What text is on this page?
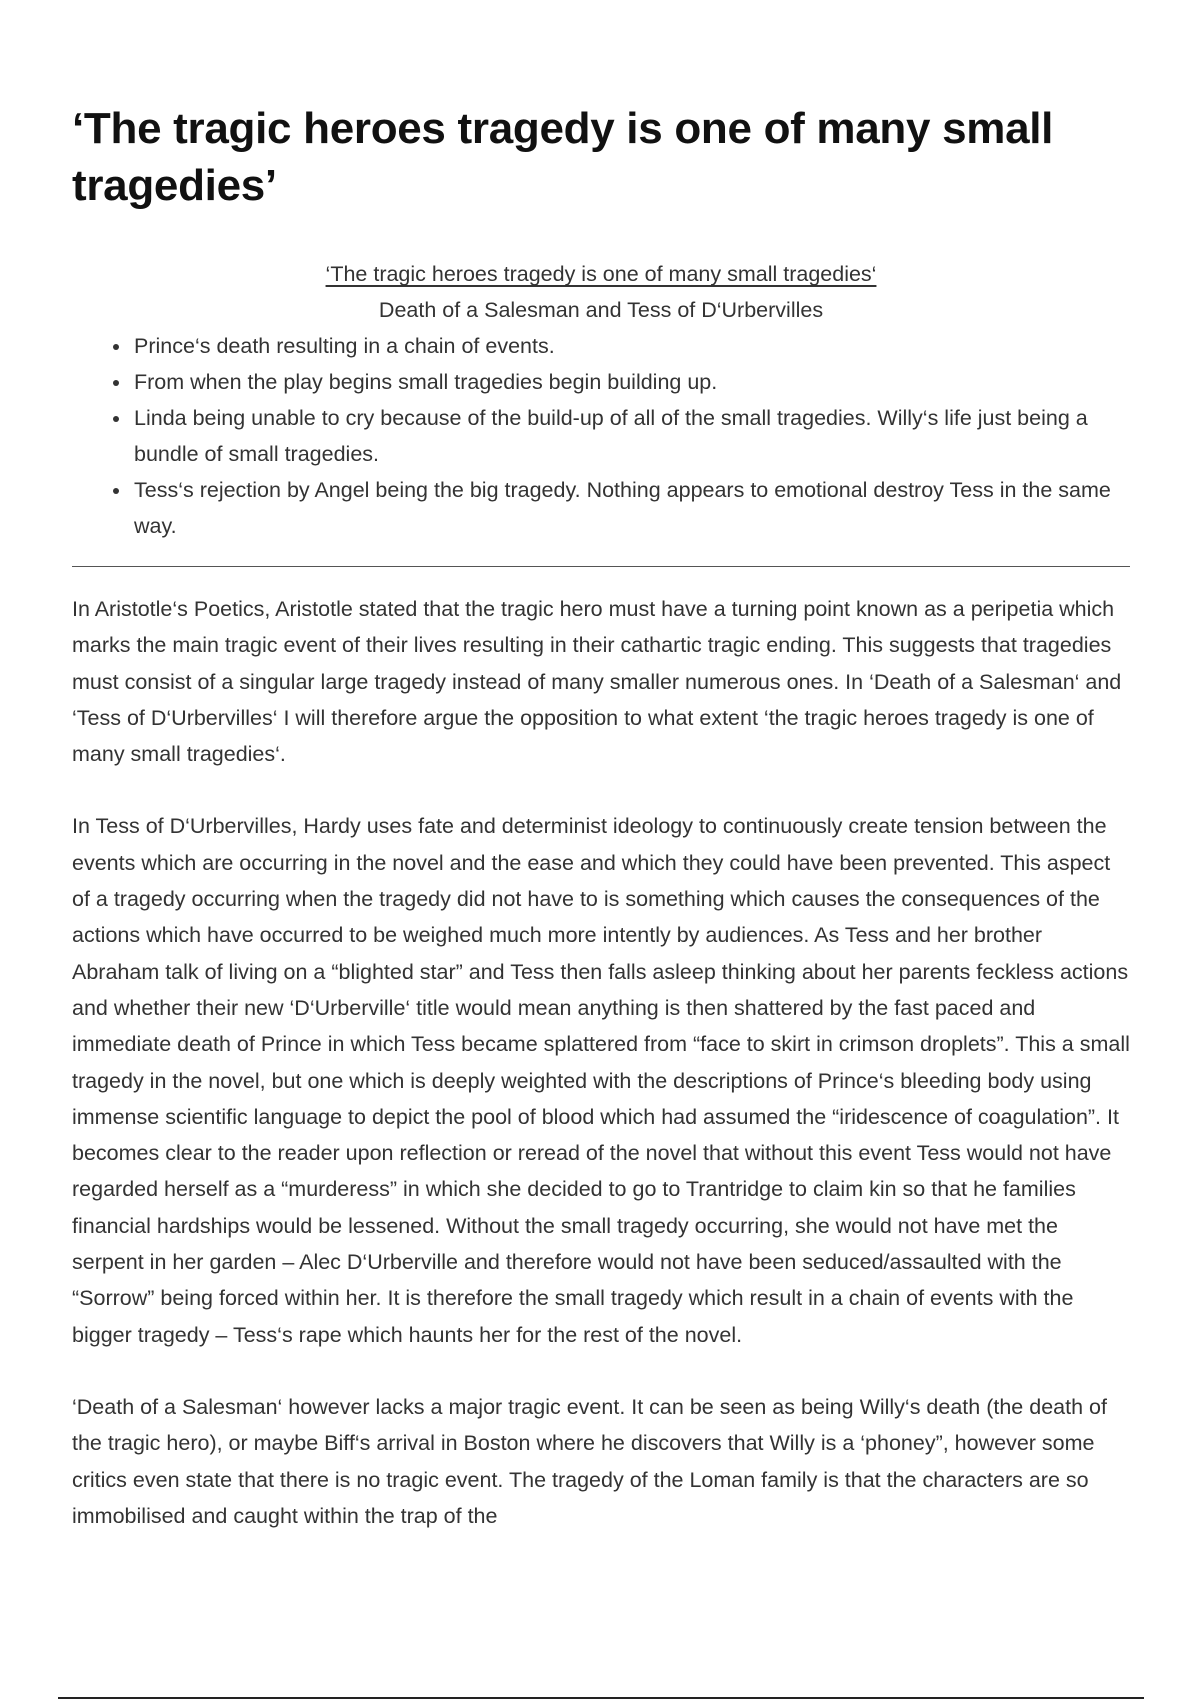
‘The tragic heroes tragedy is one of many small tragedies’
‘The tragic heroes tragedy is one of many small tragedies‘
Death of a Salesman and Tess of D‘Urbervilles
• Prince‘s death resulting in a chain of events.
• From when the play begins small tragedies begin building up.
• Linda being unable to cry because of the build-up of all of the small tragedies. Willy‘s life just being a bundle of small tragedies.
• Tess‘s rejection by Angel being the big tragedy. Nothing appears to emotional destroy Tess in the same way.

In Aristotle‘s Poetics, Aristotle stated that the tragic hero must have a turning point known as a peripetia which marks the main tragic event of their lives resulting in their cathartic tragic ending. This suggests that tragedies must consist of a singular large tragedy instead of many smaller numerous ones. In ‘Death of a Salesman‘ and ‘Tess of D‘Urbervilles‘ I will therefore argue the opposition to what extent ‘the tragic heroes tragedy is one of many small tragedies‘.

In Tess of D‘Urbervilles, Hardy uses fate and determinist ideology to continuously create tension between the events which are occurring in the novel and the ease and which they could have been prevented. This aspect of a tragedy occurring when the tragedy did not have to is something which causes the consequences of the actions which have occurred to be weighed much more intently by audiences. As Tess and her brother Abraham talk of living on a “blighted star” and Tess then falls asleep thinking about her parents feckless actions and whether their new ‘D‘Urberville‘ title would mean anything is then shattered by the fast paced and immediate death of Prince in which Tess became splattered from “face to skirt in crimson droplets”. This a small tragedy in the novel, but one which is deeply weighted with the descriptions of Prince‘s bleeding body using immense scientific language to depict the pool of blood which had assumed the “iridescence of coagulation”. It becomes clear to the reader upon reflection or reread of the novel that without this event Tess would not have regarded herself as a “murderess” in which she decided to go to Trantridge to claim kin so that he families financial hardships would be lessened. Without the small tragedy occurring, she would not have met the serpent in her garden – Alec D‘Urberville and therefore would not have been seduced/assaulted with the “Sorrow” being forced within her. It is therefore the small tragedy which result in a chain of events with the bigger tragedy – Tess‘s rape which haunts her for the rest of the novel.

‘Death of a Salesman‘ however lacks a major tragic event. It can be seen as being Willy‘s death (the death of the tragic hero), or maybe Biff‘s arrival in Boston where he discovers that Willy is a ‘phoney”, however some critics even state that there is no tragic event. The tragedy of the Loman family is that the characters are so immobilised and caught within the trap of the
